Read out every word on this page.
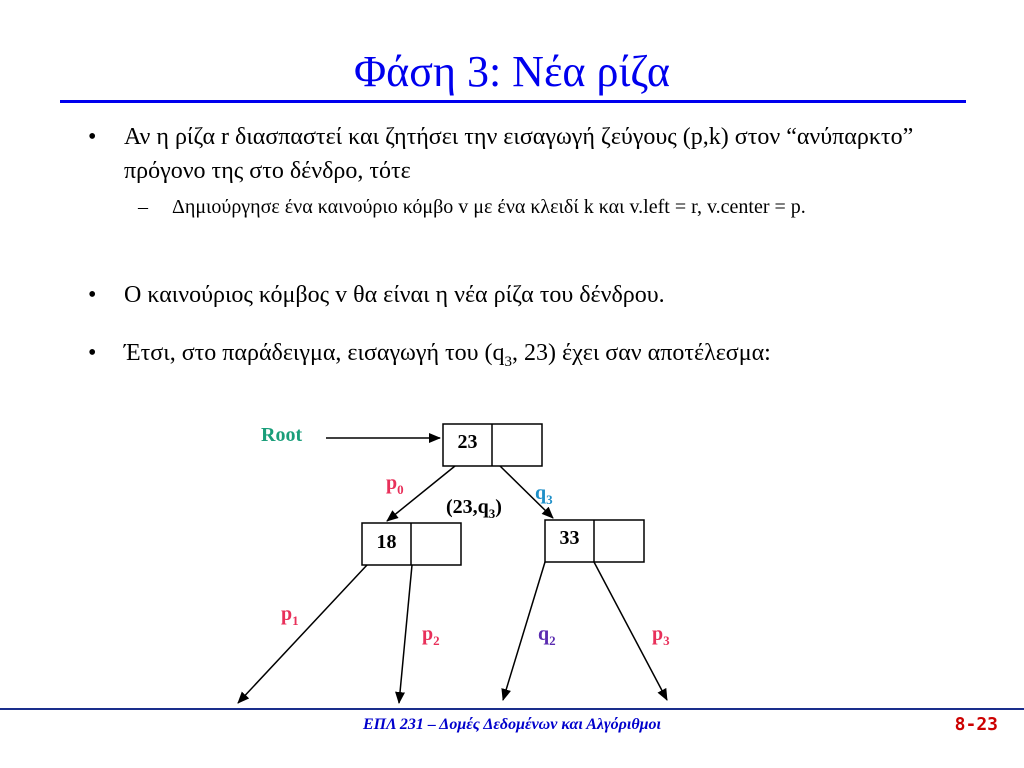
Φάση 3: Νέα ρίζα
• Αν η ρίζα r διασπαστεί και ζητήσει την εισαγωγή ζεύγους (p,k) στον “ανύπαρκτο” πρόγονο της στο δένδρο, τότε
– Δημιούργησε ένα καινούριο κόμβο v με ένα κλειδί k και v.left = r, v.center = p.
• Ο καινούριος κόμβος v θα είναι η νέα ρίζα του δένδρου.
• Έτσι, στο παράδειγμα, εισαγωγή του ($q_3$, 23) έχει σαν αποτέλεσμα:
23
18	33
Root
$(23,q_3)$
$p_0$	$q_3$
$p_1$
$p_2$	$q_2$	$p_3$
ΕΠΛ 231 – Δομές Δεδομένων και Αλγόριθμοι	8-23
